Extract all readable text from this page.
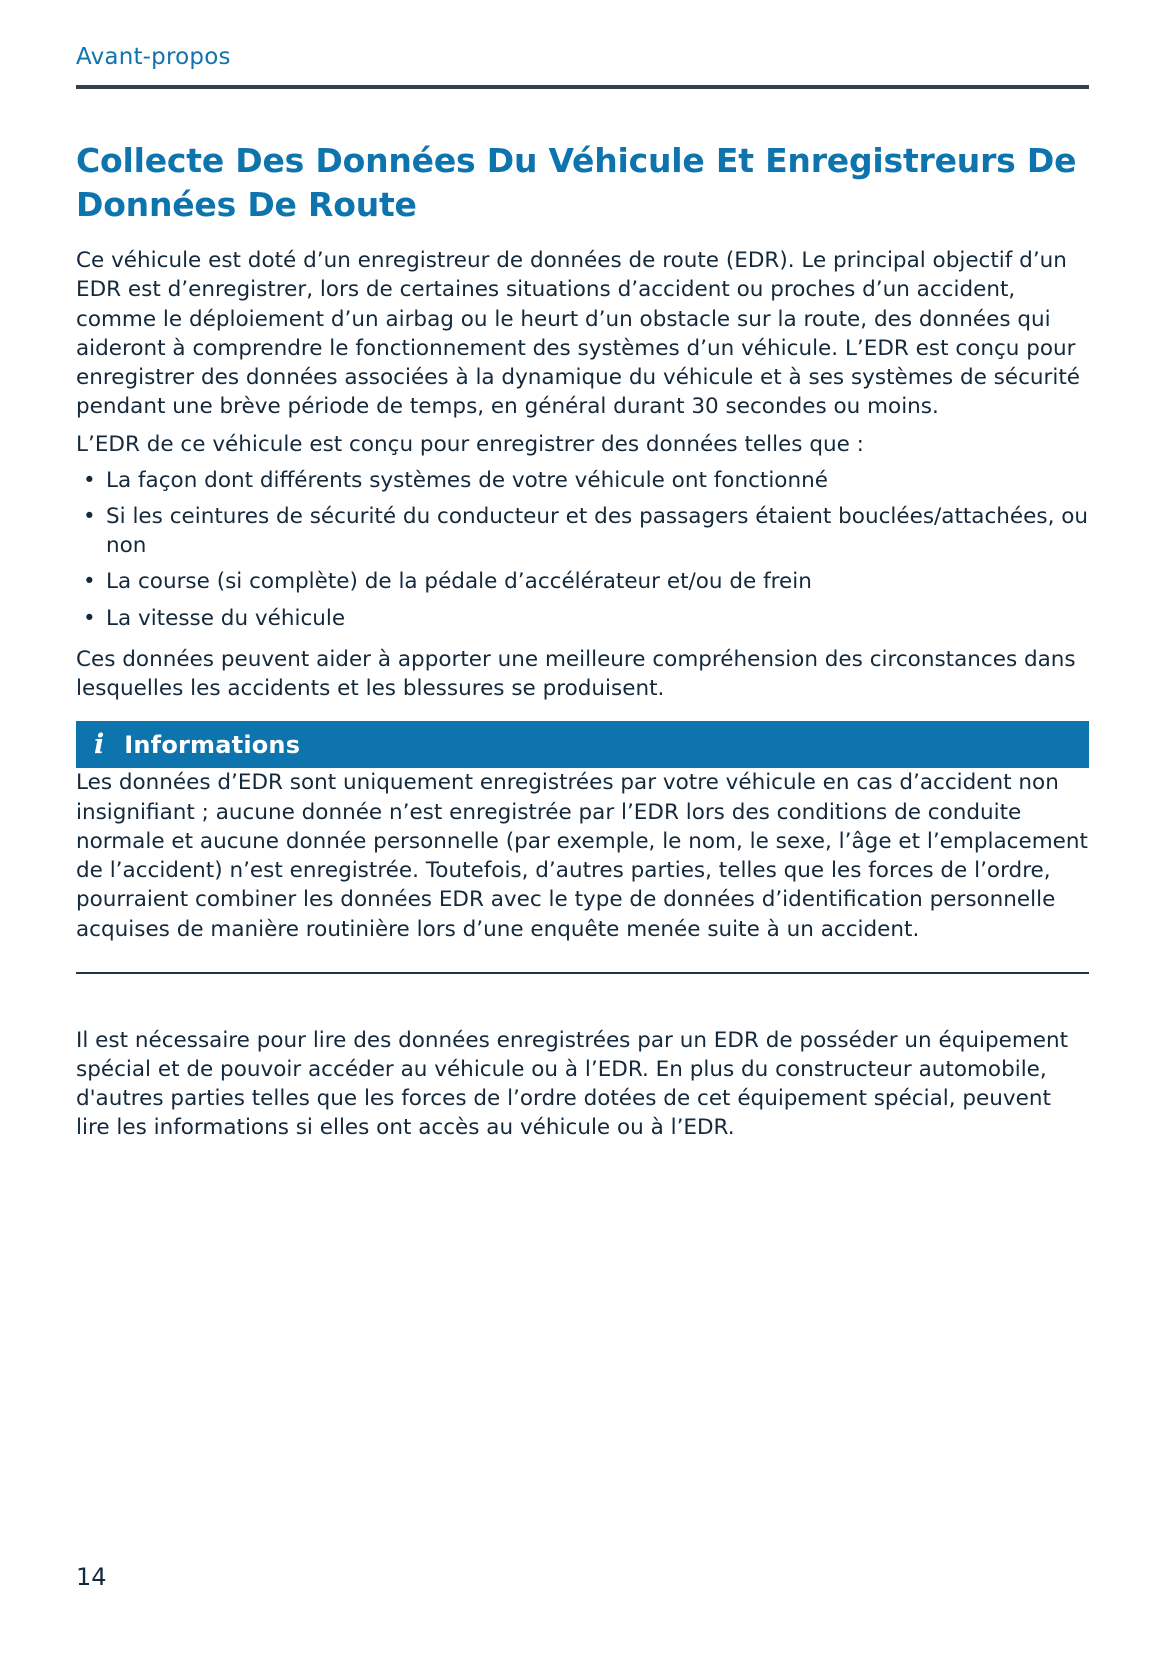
Avant-propos
Collecte Des Données Du Véhicule Et Enregistreurs De Données De Route

Ce véhicule est doté d’un enregistreur de données de route (EDR). Le principal objectif d’un EDR est d’enregistrer, lors de certaines situations d’accident ou proches d’un accident, comme le déploiement d’un airbag ou le heurt d’un obstacle sur la route, des données qui aideront à comprendre le fonctionnement des systèmes d’un véhicule. L’EDR est conçu pour enregistrer des données associées à la dynamique du véhicule et à ses systèmes de sécurité pendant une brève période de temps, en général durant 30 secondes ou moins.

L’EDR de ce véhicule est conçu pour enregistrer des données telles que :

• La façon dont différents systèmes de votre véhicule ont fonctionné
• Si les ceintures de sécurité du conducteur et des passagers étaient bouclées/attachées, ou non
• La course (si complète) de la pédale d’accélérateur et/ou de frein
• La vitesse du véhicule

Ces données peuvent aider à apporter une meilleure compréhension des circonstances dans lesquelles les accidents et les blessures se produisent.

i Informations

Les données d’EDR sont uniquement enregistrées par votre véhicule en cas d’accident non insignifiant ; aucune donnée n’est enregistrée par l’EDR lors des conditions de conduite normale et aucune donnée personnelle (par exemple, le nom, le sexe, l’âge et l’emplacement de l’accident) n’est enregistrée. Toutefois, d’autres parties, telles que les forces de l’ordre, pourraient combiner les données EDR avec le type de données d’identification personnelle acquises de manière routinière lors d’une enquête menée suite à un accident.

Il est nécessaire pour lire des données enregistrées par un EDR de posséder un équipement spécial et de pouvoir accéder au véhicule ou à l’EDR. En plus du constructeur automobile, d'autres parties telles que les forces de l’ordre dotées de cet équipement spécial, peuvent lire les informations si elles ont accès au véhicule ou à l’EDR.

14
